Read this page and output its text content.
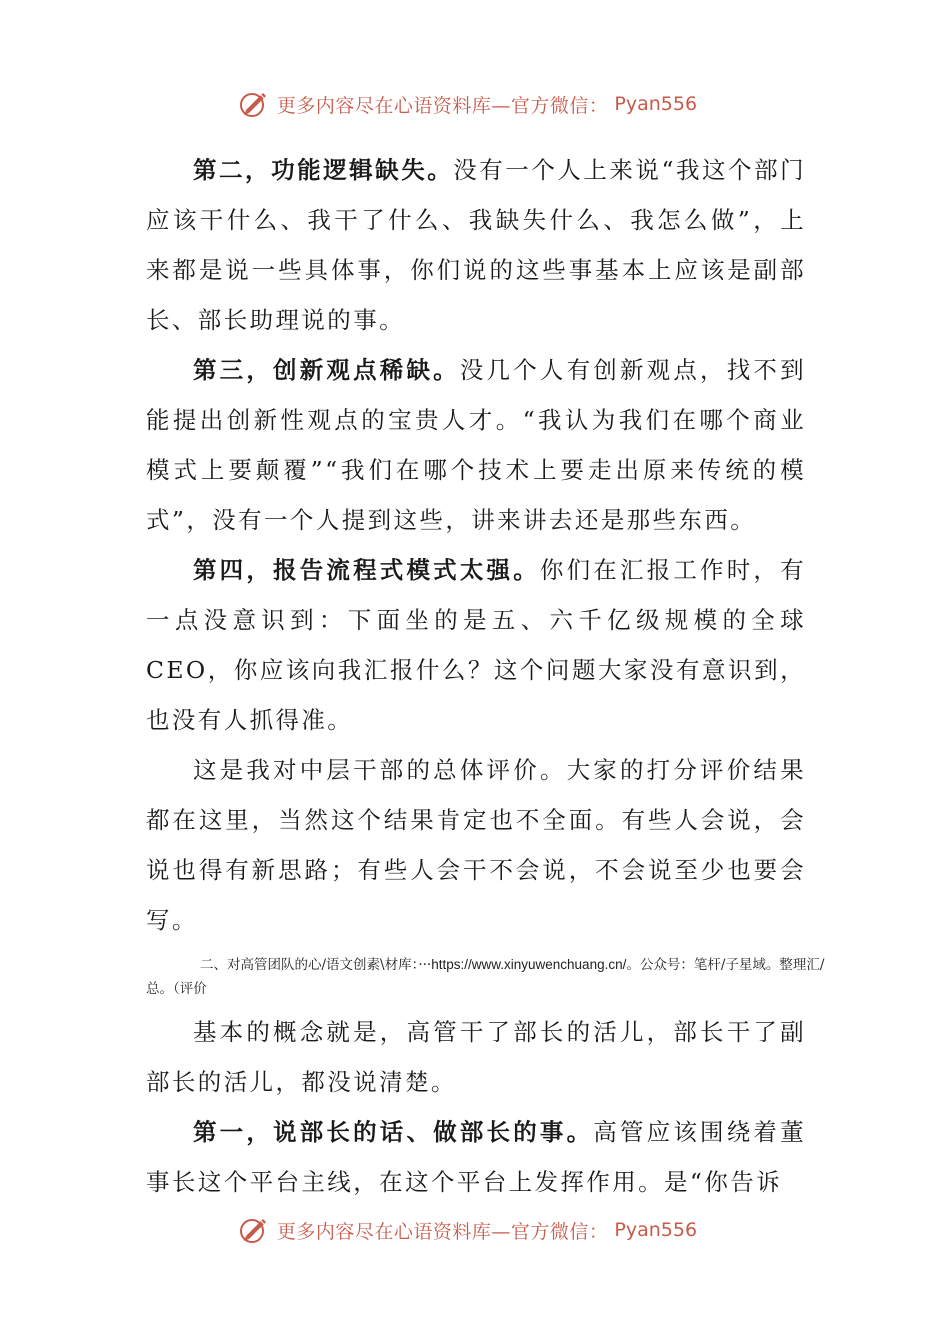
更多内容尽在心语资料库—官方微信： Pyan556

第二，功能逻辑缺失。没有一个人上来说“我这个部门应该干什么、我干了什么、我缺失什么、我怎么做”，上来都是说一些具体事，你们说的这些事基本上应该是副部长、部长助理说的事。

第三，创新观点稀缺。没几个人有创新观点，找不到能提出创新性观点的宝贵人才。“我认为我们在哪个商业模式上要颠覆”“我们在哪个技术上要走出原来传统的模式”，没有一个人提到这些，讲来讲去还是那些东西。

第四，报告流程式模式太强。你们在汇报工作时，有一点没意识到：下面坐的是五、六千亿级规模的全球CEO，你应该向我汇报什么？这个问题大家没有意识到，也没有人抓得准。

这是我对中层干部的总体评价。大家的打分评价结果都在这里，当然这个结果肯定也不全面。有些人会说，会说也得有新思路；有些人会干不会说，不会说至少也要会写。

二、对高管团队的心/语文创素\材库：···https://www.xinyuwenchuang.cn/。公众号：笔杆/子星域。整理汇/总。（评价

基本的概念就是，高管干了部长的活儿，部长干了副部长的活儿，都没说清楚。

第一，说部长的话、做部长的事。高管应该围绕着董事长这个平台主线，在这个平台上发挥作用。是“你告诉

更多内容尽在心语资料库—官方微信： Pyan556
